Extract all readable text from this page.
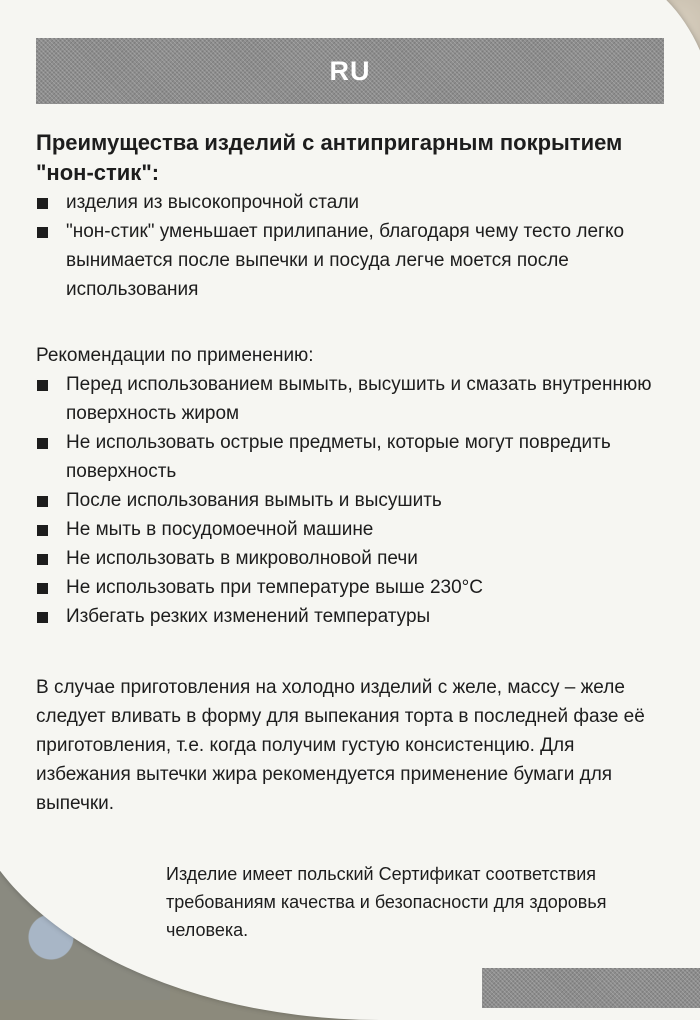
RU

Преимущества изделий с антипригарным покрытием "нон-стик":

изделия из высокопрочной стали
"нон-стик" уменьшает прилипание, благодаря чему тесто легко вынимается после выпечки и посуда легче моется после использования
Рекомендации по применению:
Перед использованием вымыть, высушить и смазать внутреннюю поверхность жиром
Не использовать острые предметы, которые могут повредить поверхность
После использования вымыть и высушить
Не мыть в посудомоечной машине
Не использовать в микроволновой печи
Не использовать при температуре выше 230°C
Избегать резких изменений температуры
В случае приготовления на холодно изделий с желе, массу – желе следует вливать в форму для выпекания торта в последней фазе её приготовления, т.е. когда получим густую консистенцию. Для избежания вытечки жира рекомендуется применение бумаги для выпечки.
Изделие имеет польский Сертификат соответствия требованиям качества и безопасности для здоровья человека.
